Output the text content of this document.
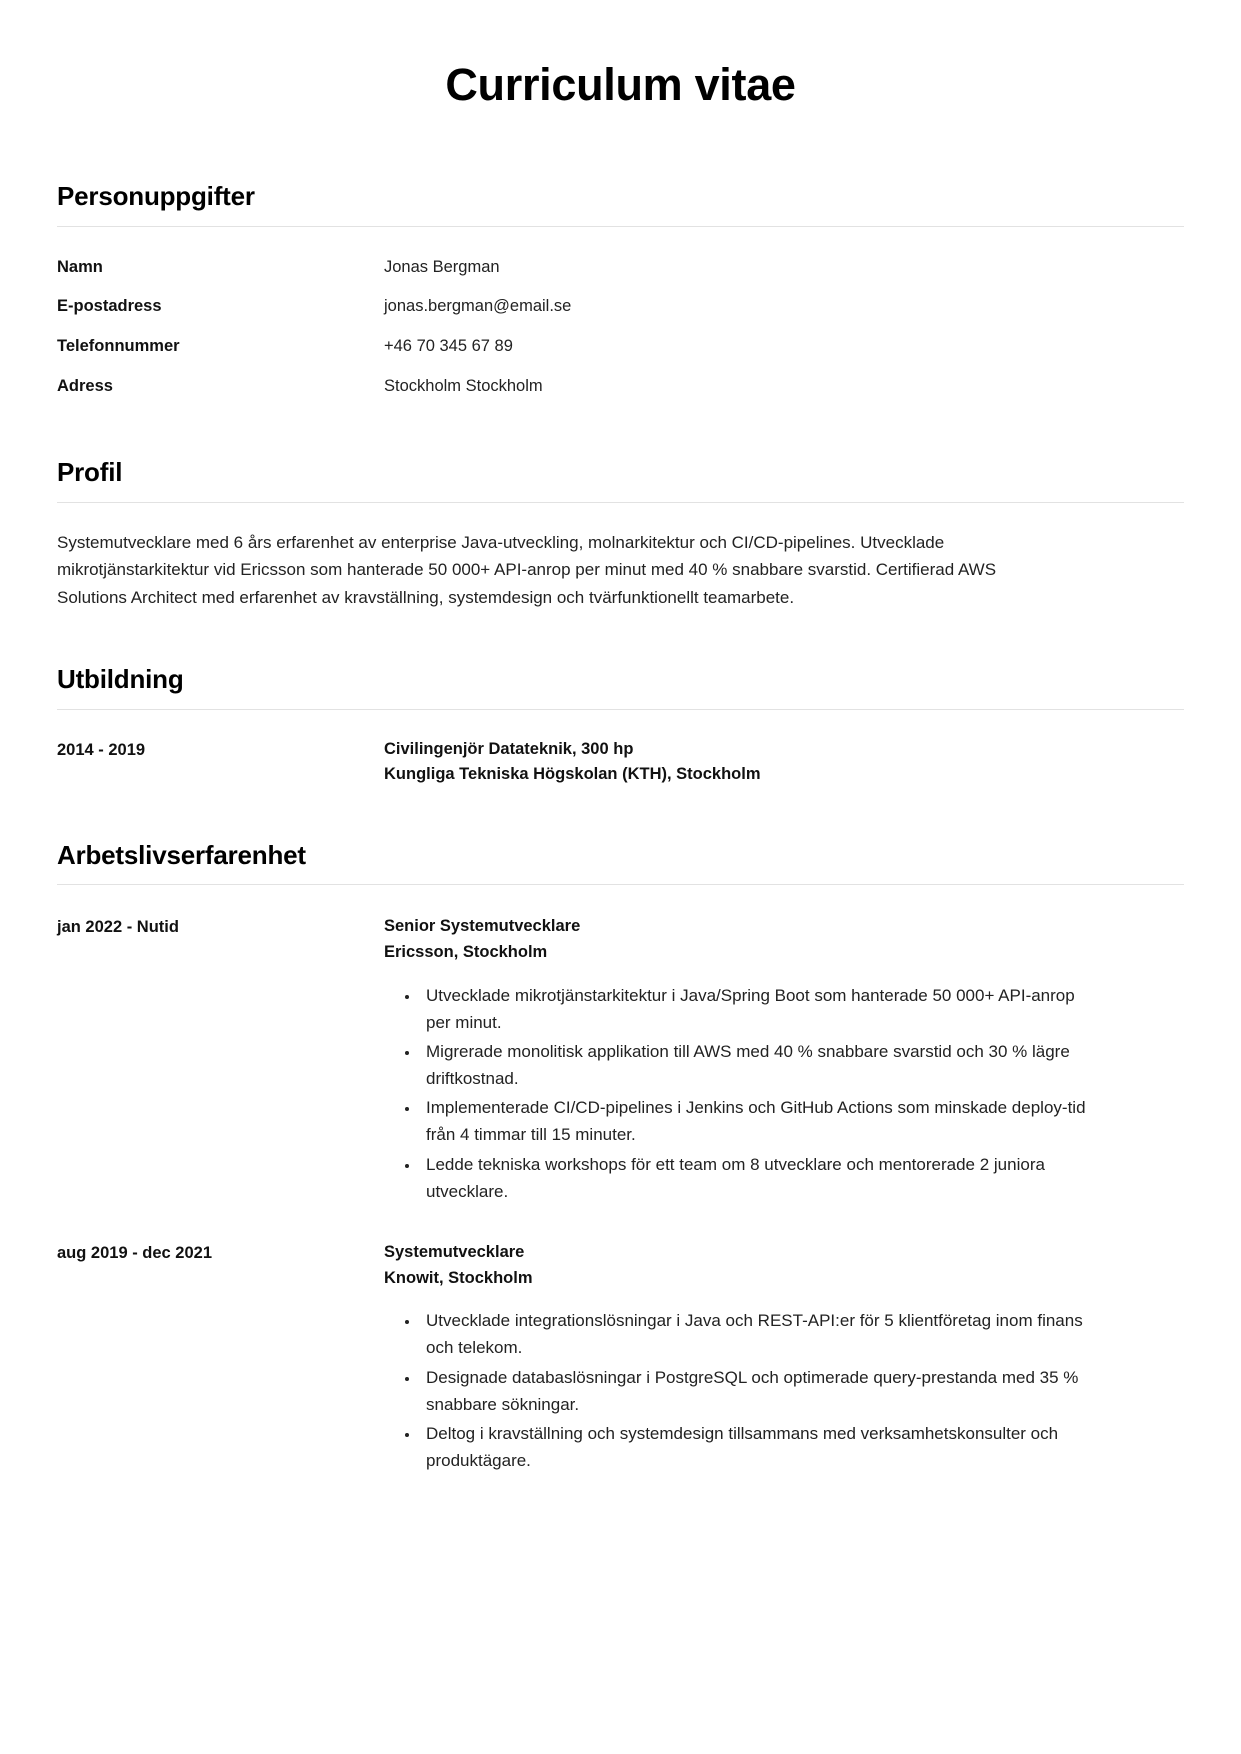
Curriculum vitae
Personuppgifter
Namn	Jonas Bergman
E-postadress	jonas.bergman@email.se
Telefonnummer	+46 70 345 67 89
Adress	Stockholm Stockholm
Profil

Systemutvecklare med 6 års erfarenhet av enterprise Java-utveckling, molnarkitektur och CI/CD-pipelines. Utvecklade mikrotjänstarkitektur vid Ericsson som hanterade 50 000+ API-anrop per minut med 40 % snabbare svarstid. Certifierad AWS Solutions Architect med erfarenhet av kravställning, systemdesign och tvärfunktionellt teamarbete.

Utbildning
2014 - 2019	Civilingenjör Datateknik, 300 hp
Kungliga Tekniska Högskolan (KTH), Stockholm
Arbetslivserfarenhet
jan 2022 - Nutid	Senior Systemutvecklare
Ericsson, Stockholm
• Utvecklade mikrotjänstarkitektur i Java/Spring Boot som hanterade 50 000+ API-anrop per minut.
• Migrerade monolitisk applikation till AWS med 40 % snabbare svarstid och 30 % lägre driftkostnad.
• Implementerade CI/CD-pipelines i Jenkins och GitHub Actions som minskade deploy-tid från 4 timmar till 15 minuter.
• Ledde tekniska workshops för ett team om 8 utvecklare och mentorerade 2 juniora utvecklare.
aug 2019 - dec 2021	Systemutvecklare
Knowit, Stockholm
• Utvecklade integrationslösningar i Java och REST-API:er för 5 klientföretag inom finans och telekom.
• Designade databaslösningar i PostgreSQL och optimerade query-prestanda med 35 % snabbare sökningar.
• Deltog i kravställning och systemdesign tillsammans med verksamhetskonsulter och produktägare.
